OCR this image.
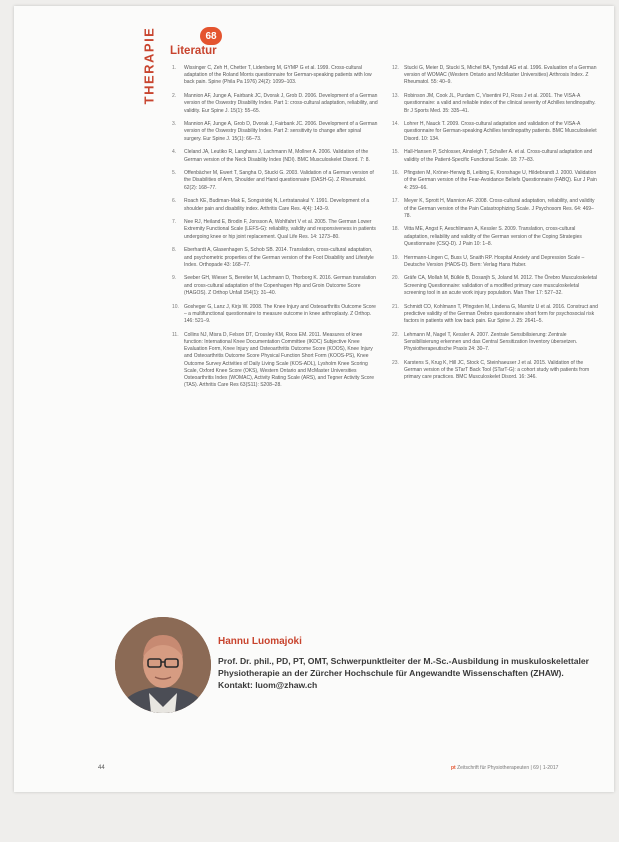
THERAPIE	68
Literatur
1. Wissinger C, Zeh H, Chetter T, Lidenberg M, GYMP G et al. 1999. Cross-cultural adaptation of the Roland Morris questionnaire for German-speaking patients with low back pain. Spine (Phila Pa 1976) 24(2): 1099–103.
2. Mannion AF, Junge A, Fairbank JC, Dvorak J, Grob D. 2006. Development of a German version of the Oswestry Disability Index. Part 1: cross-cultural adaptation, reliability, and validity. Eur Spine J. 15(1): 55–65.
3. Mannion AF, Junge A, Grob D, Dvorak J, Fairbank JC. 2006. Development of a German version of the Oswestry Disability Index. Part 2: sensitivity to change after spinal surgery. Eur Spine J. 15(1): 66–73.
4. Cleland JA, Leutiko R, Langhans J, Lachmann M, Mollner A. 2006. Validation of the German version of the Neck Disability Index (NDI). BMC Musculoskelet Disord. 7: 8.
5. Offenbächer M, Ewert T, Sangha O, Stucki G. 2003. Validation of a German version of the Disabilities of Arm, Shoulder and Hand questionnaire (DASH-G). Z Rheumatol. 62(2): 168–77.
6. Roach KE, Budiman-Mak E, Songsiridej N, Lertratanakul Y. 1991. Development of a shoulder pain and disability index. Arthritis Care Res. 4(4): 143–9.
7. Nee RJ, Heiland E, Brodin F, Jonsson A, Wohlfahrt V et al. 2005. The German Lower Extremity Functional Scale (LEFS-G): reliability, validity and responsiveness in patients undergoing knee or hip joint replacement. Qual Life Res. 14: 1273–80.
8. Eberhardt A, Glasenhagen S, Schob SB. 2014. Translation, cross-cultural adaptation, and psychometric properties of the German version of the Foot Disability and Lifestyle Index. Orthopade 43: 168–77.
9. Seeber GH, Wieser S, Bereiter M, Lachmann D, Thorborg K. 2016. German translation and cross-cultural adaptation of the Copenhagen Hip and Groin Outcome Score (HAGOS). Z Orthop Unfall 154(1): 31–40.
10. Gosheger G, Lanz J, Kirjs W. 2008. The Knee Injury and Osteoarthritis Outcome Score – a multifunctional questionnaire to measure outcome in knee arthroplasty. Z Orthop. 146: 521–9.
11. Collins NJ, Misra D, Felson DT, Crossley KM, Roos EM. 2011. Measures of knee function: International Knee Documentation Committee (IKDC) Subjective Knee Evaluation Form, Knee Injury and Osteoarthritis Outcome Score (KOOS), Knee Injury and Osteoarthritis Outcome Score Physical Function Short Form (KOOS-PS), Knee Outcome Survey Activities of Daily Living Scale (KOS-ADL), Lysholm Knee Scoring Scale, Oxford Knee Score (OKS), Western Ontario and McMaster Universities Osteoarthritis Index (WOMAC), Activity Rating Scale (ARS), and Tegner Activity Score (TAS). Arthritis Care Res 63(S11): S208–28.
12. Stucki G, Meier D, Stucki S, Michel BA, Tyndall AG et al. 1996. Evaluation of a German version of WOMAC (Western Ontario and McMaster Universities) Arthrosis Index. Z Rheumatol. 55: 40–9.
13. Robinson JM, Cook JL, Purdam C, Visentini PJ, Ross J et al. 2001. The VISA-A questionnaire: a valid and reliable index of the clinical severity of Achilles tendinopathy. Br J Sports Med. 35: 335–41.
14. Lohrer H, Nauck T. 2009. Cross-cultural adaptation and validation of the VISA-A questionnaire for German-speaking Achilles tendinopathy patients. BMC Musculoskelet Disord. 10: 134.
15. Hall-Hansen P, Schlosser, Ainsleigh T, Schaller A. et al. Cross-cultural adaptation and validity of the Patient-Specific Functional Scale. 18: 77–83.
16. Pfingsten M, Kröner-Herwig B, Leibing E, Kronshage U, Hildebrandt J. 2000. Validation of the German version of the Fear-Avoidance Beliefs Questionnaire (FABQ). Eur J Pain 4: 259–66.
17. Meyer K, Sprott H, Mannion AF. 2008. Cross-cultural adaptation, reliability, and validity of the German version of the Pain Catastrophizing Scale. J Psychosom Res. 64: 469–78.
18. Vitta ME, Angst F, Aeschlimann A, Kessler S. 2009. Translation, cross-cultural adaptation, reliability and validity of the German version of the Coping Strategies Questionnaire (CSQ-D). J Pain 10: 1–8.
19. Herrmann-Lingen C, Buss U, Snaith RP. Hospital Anxiety and Depression Scale – Deutsche Version (HADS-D). Bern: Verlag Hans Huber.
20. Gräfe CA, Mollah M, Bülkle B, Dosanjh S, Joland M. 2012. The Örebro Musculoskeletal Screening Questionnaire: validation of a modified primary care musculoskeletal screening tool in an acute work injury population. Man Ther 17: 527–32.
21. Schmidt CO, Kohlmann T, Pfingsten M, Lindena G, Marnitz U et al. 2016. Construct and predictive validity of the German Örebro questionnaire short form for psychosocial risk factors in patients with low back pain. Eur Spine J. 25: 2641–5.
22. Lehmann M, Nagel T, Kessler A. 2007. Zentrale Sensibilisierung: Zentrale Sensibilisierung erkennen und das Central Sensitization Inventory übersetzen. Physiotherapeutische Praxis 24: 30–7.
23. Karstens S, Krug K, Hill JC, Stock C, Steinhaeuser J et al. 2015. Validation of the German version of the STarT Back Tool (STarT-G): a cohort study with patients from primary care practices. BMC Musculoskelet Disord. 16: 346.
Hannu Luomajoki
Prof. Dr. phil., PD, PT, OMT, Schwerpunktleiter der M.-Sc.-Ausbildung in muskuloskelettaler Physiotherapie an der Zürcher Hochschule für Angewandte Wissenschaften (ZHAW).
Kontakt: luom@zhaw.ch
44	pt Zeitschrift für Physiotherapeuten | 69 | 1-2017
